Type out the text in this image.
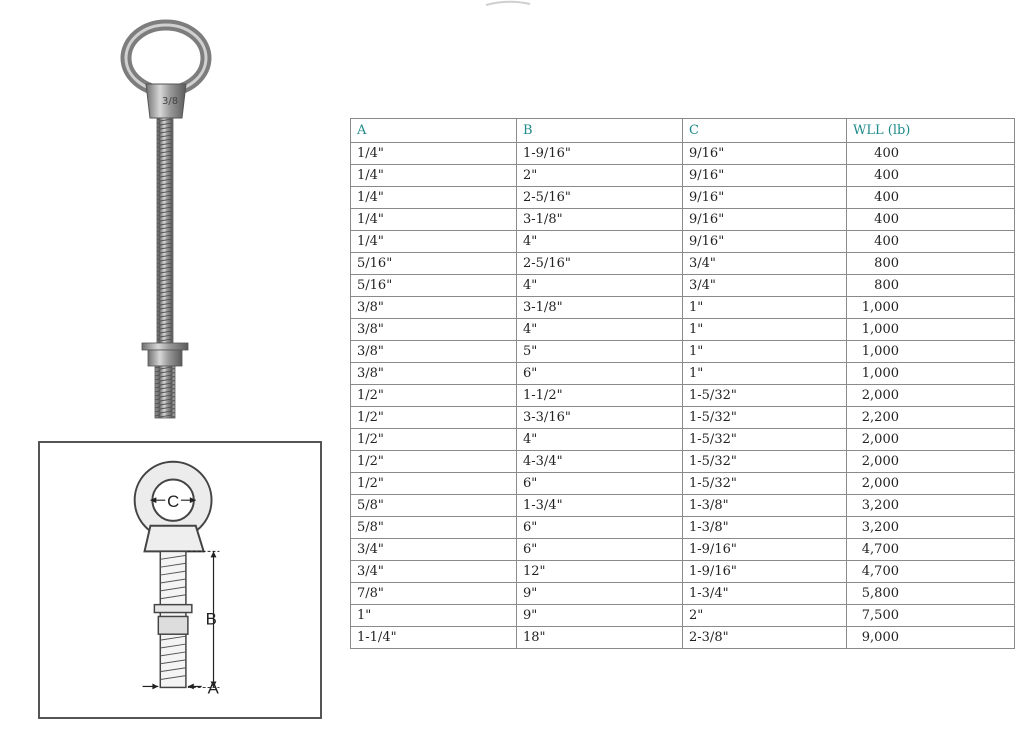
3/8
C
B
A
A	B	C	WLL (lb)
1/4"	1-9/16"	9/16"	400
1/4"	2"	9/16"	400
1/4"	2-5/16"	9/16"	400
1/4"	3-1/8"	9/16"	400
1/4"	4"	9/16"	400
5/16"	2-5/16"	3/4"	800
5/16"	4"	3/4"	800
3/8"	3-1/8"	1"	1,000
3/8"	4"	1"	1,000
3/8"	5"	1"	1,000
3/8"	6"	1"	1,000
1/2"	1-1/2"	1-5/32"	2,000
1/2"	3-3/16"	1-5/32"	2,200
1/2"	4"	1-5/32"	2,000
1/2"	4-3/4"	1-5/32"	2,000
1/2"	6"	1-5/32"	2,000
5/8"	1-3/4"	1-3/8"	3,200
5/8"	6"	1-3/8"	3,200
3/4"	6"	1-9/16"	4,700
3/4"	12"	1-9/16"	4,700
7/8"	9"	1-3/4"	5,800
1"	9"	2"	7,500
1-1/4"	18"	2-3/8"	9,000
